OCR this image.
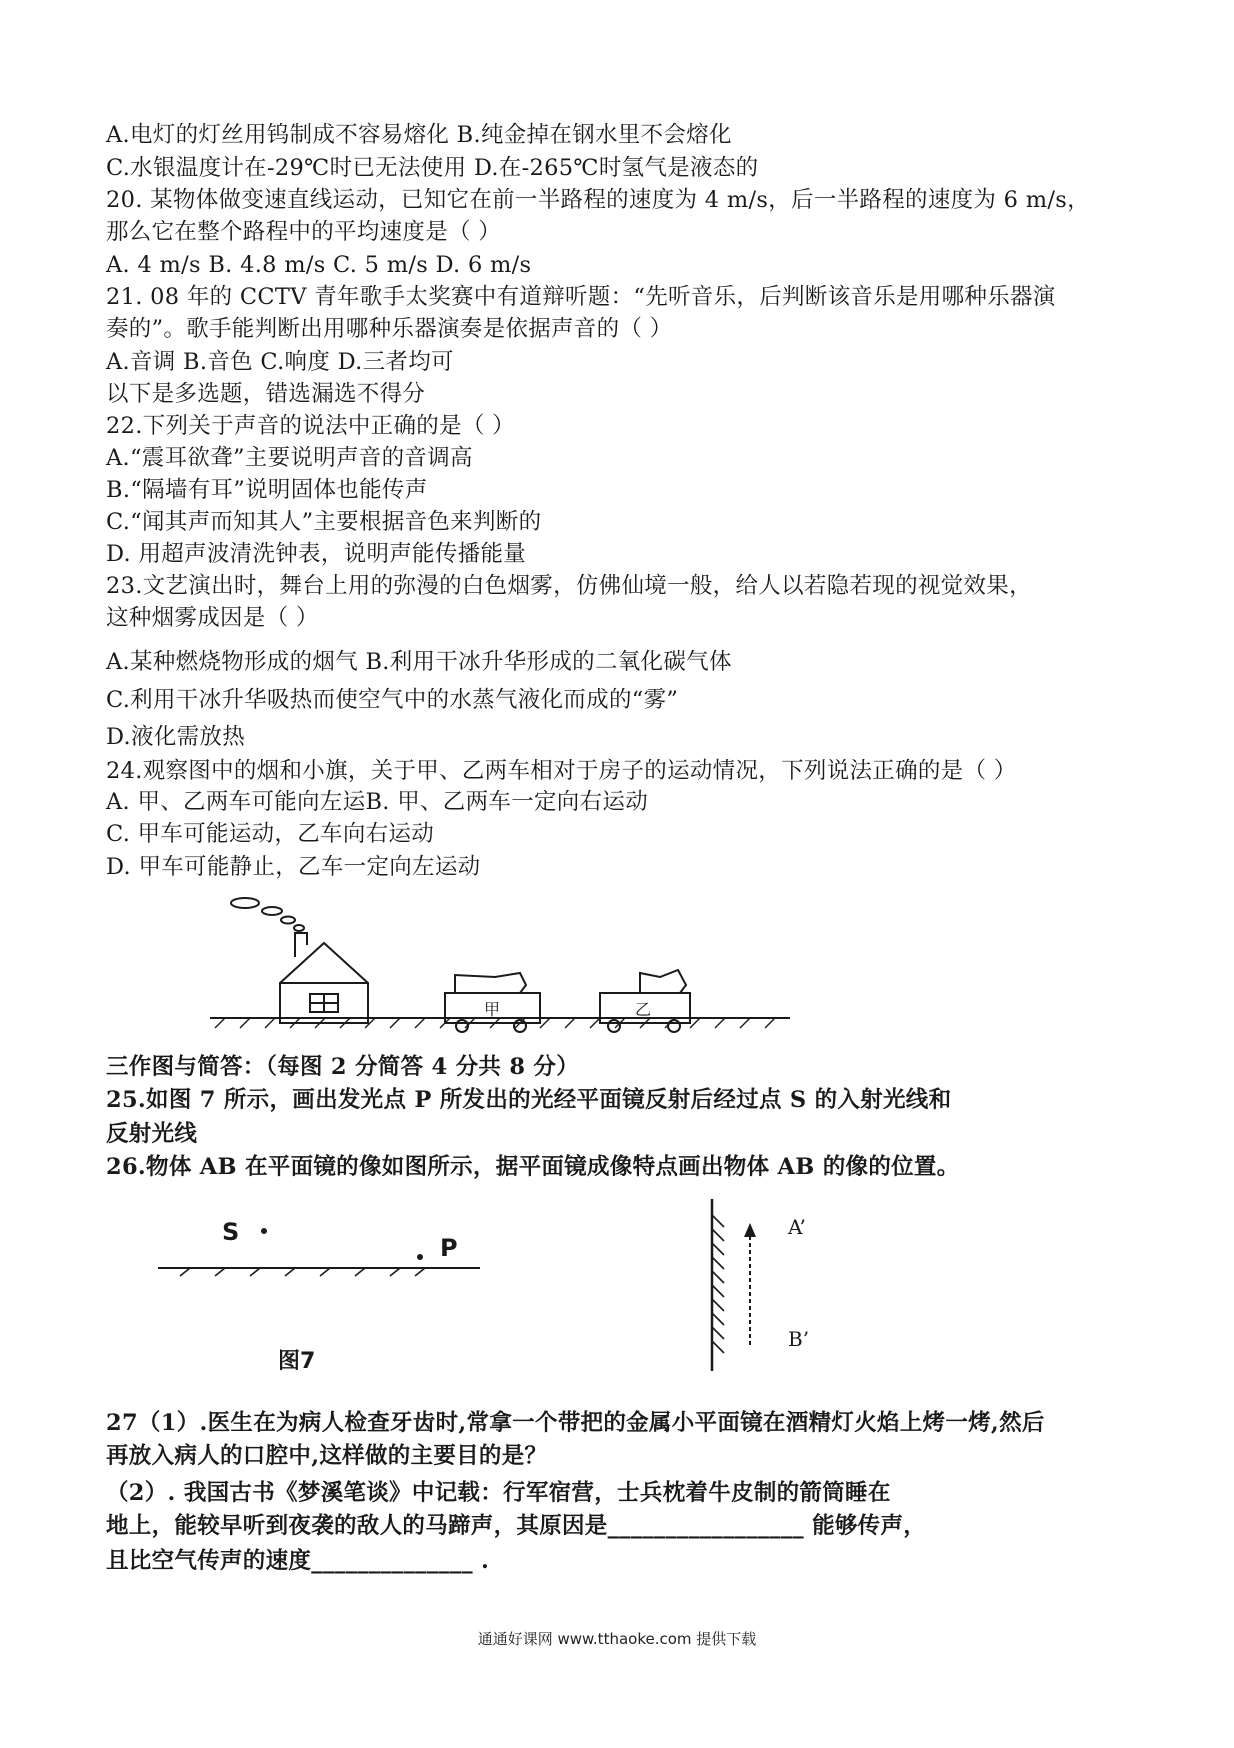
A.电灯的灯丝用钨制成不容易熔化 B.纯金掉在钢水里不会熔化
C.水银温度计在-29℃时已无法使用 D.在-265℃时氢气是液态的
20. 某物体做变速直线运动，已知它在前一半路程的速度为 4 m/s，后一半路程的速度为 6 m/s，
那么它在整个路程中的平均速度是（ ）
A. 4 m/s B. 4.8 m/s C. 5 m/s D. 6 m/s
21. 08 年的 CCTV 青年歌手太奖赛中有道辩听题：“先听音乐，后判断该音乐是用哪种乐器演
奏的”。歌手能判断出用哪种乐器演奏是依据声音的（ ）
A.音调 B.音色 C.响度 D.三者均可
以下是多选题，错选漏选不得分
22.下列关于声音的说法中正确的是（ ）
A.“震耳欲聋”主要说明声音的音调高
B.“隔墙有耳”说明固体也能传声
C.“闻其声而知其人”主要根据音色来判断的
D. 用超声波清洗钟表，说明声能传播能量
23.文艺演出时，舞台上用的弥漫的白色烟雾，仿佛仙境一般，给人以若隐若现的视觉效果，
这种烟雾成因是（ ）
A.某种燃烧物形成的烟气 B.利用干冰升华形成的二氧化碳气体
C.利用干冰升华吸热而使空气中的水蒸气液化而成的“雾”
D.液化需放热
24.观察图中的烟和小旗，关于甲、乙两车相对于房子的运动情况，下列说法正确的是（ ）
A. 甲、乙两车可能向左运B. 甲、乙两车一定向右运动
C. 甲车可能运动，乙车向右运动
D. 甲车可能静止，乙车一定向左运动
甲	乙
三作图与简答：（每图 2 分简答 4 分共 8 分）
25.如图 7 所示，画出发光点 P 所发出的光经平面镜反射后经过点 S 的入射光线和
反射光线
26.物体 AB 在平面镜的像如图所示，据平面镜成像特点画出物体 AB 的像的位置。
S
P
图7
A’
B’
27（1）.医生在为病人检查牙齿时,常拿一个带把的金属小平面镜在酒精灯火焰上烤一烤,然后
再放入病人的口腔中,这样做的主要目的是？
（2）. 我国古书《梦溪笔谈》中记载：行军宿营，士兵枕着牛皮制的箭筒睡在
地上，能较早听到夜袭的敌人的马蹄声，其原因是_________________ 能够传声，
且比空气传声的速度______________ .
通通好课网 www.tthaoke.com 提供下载
